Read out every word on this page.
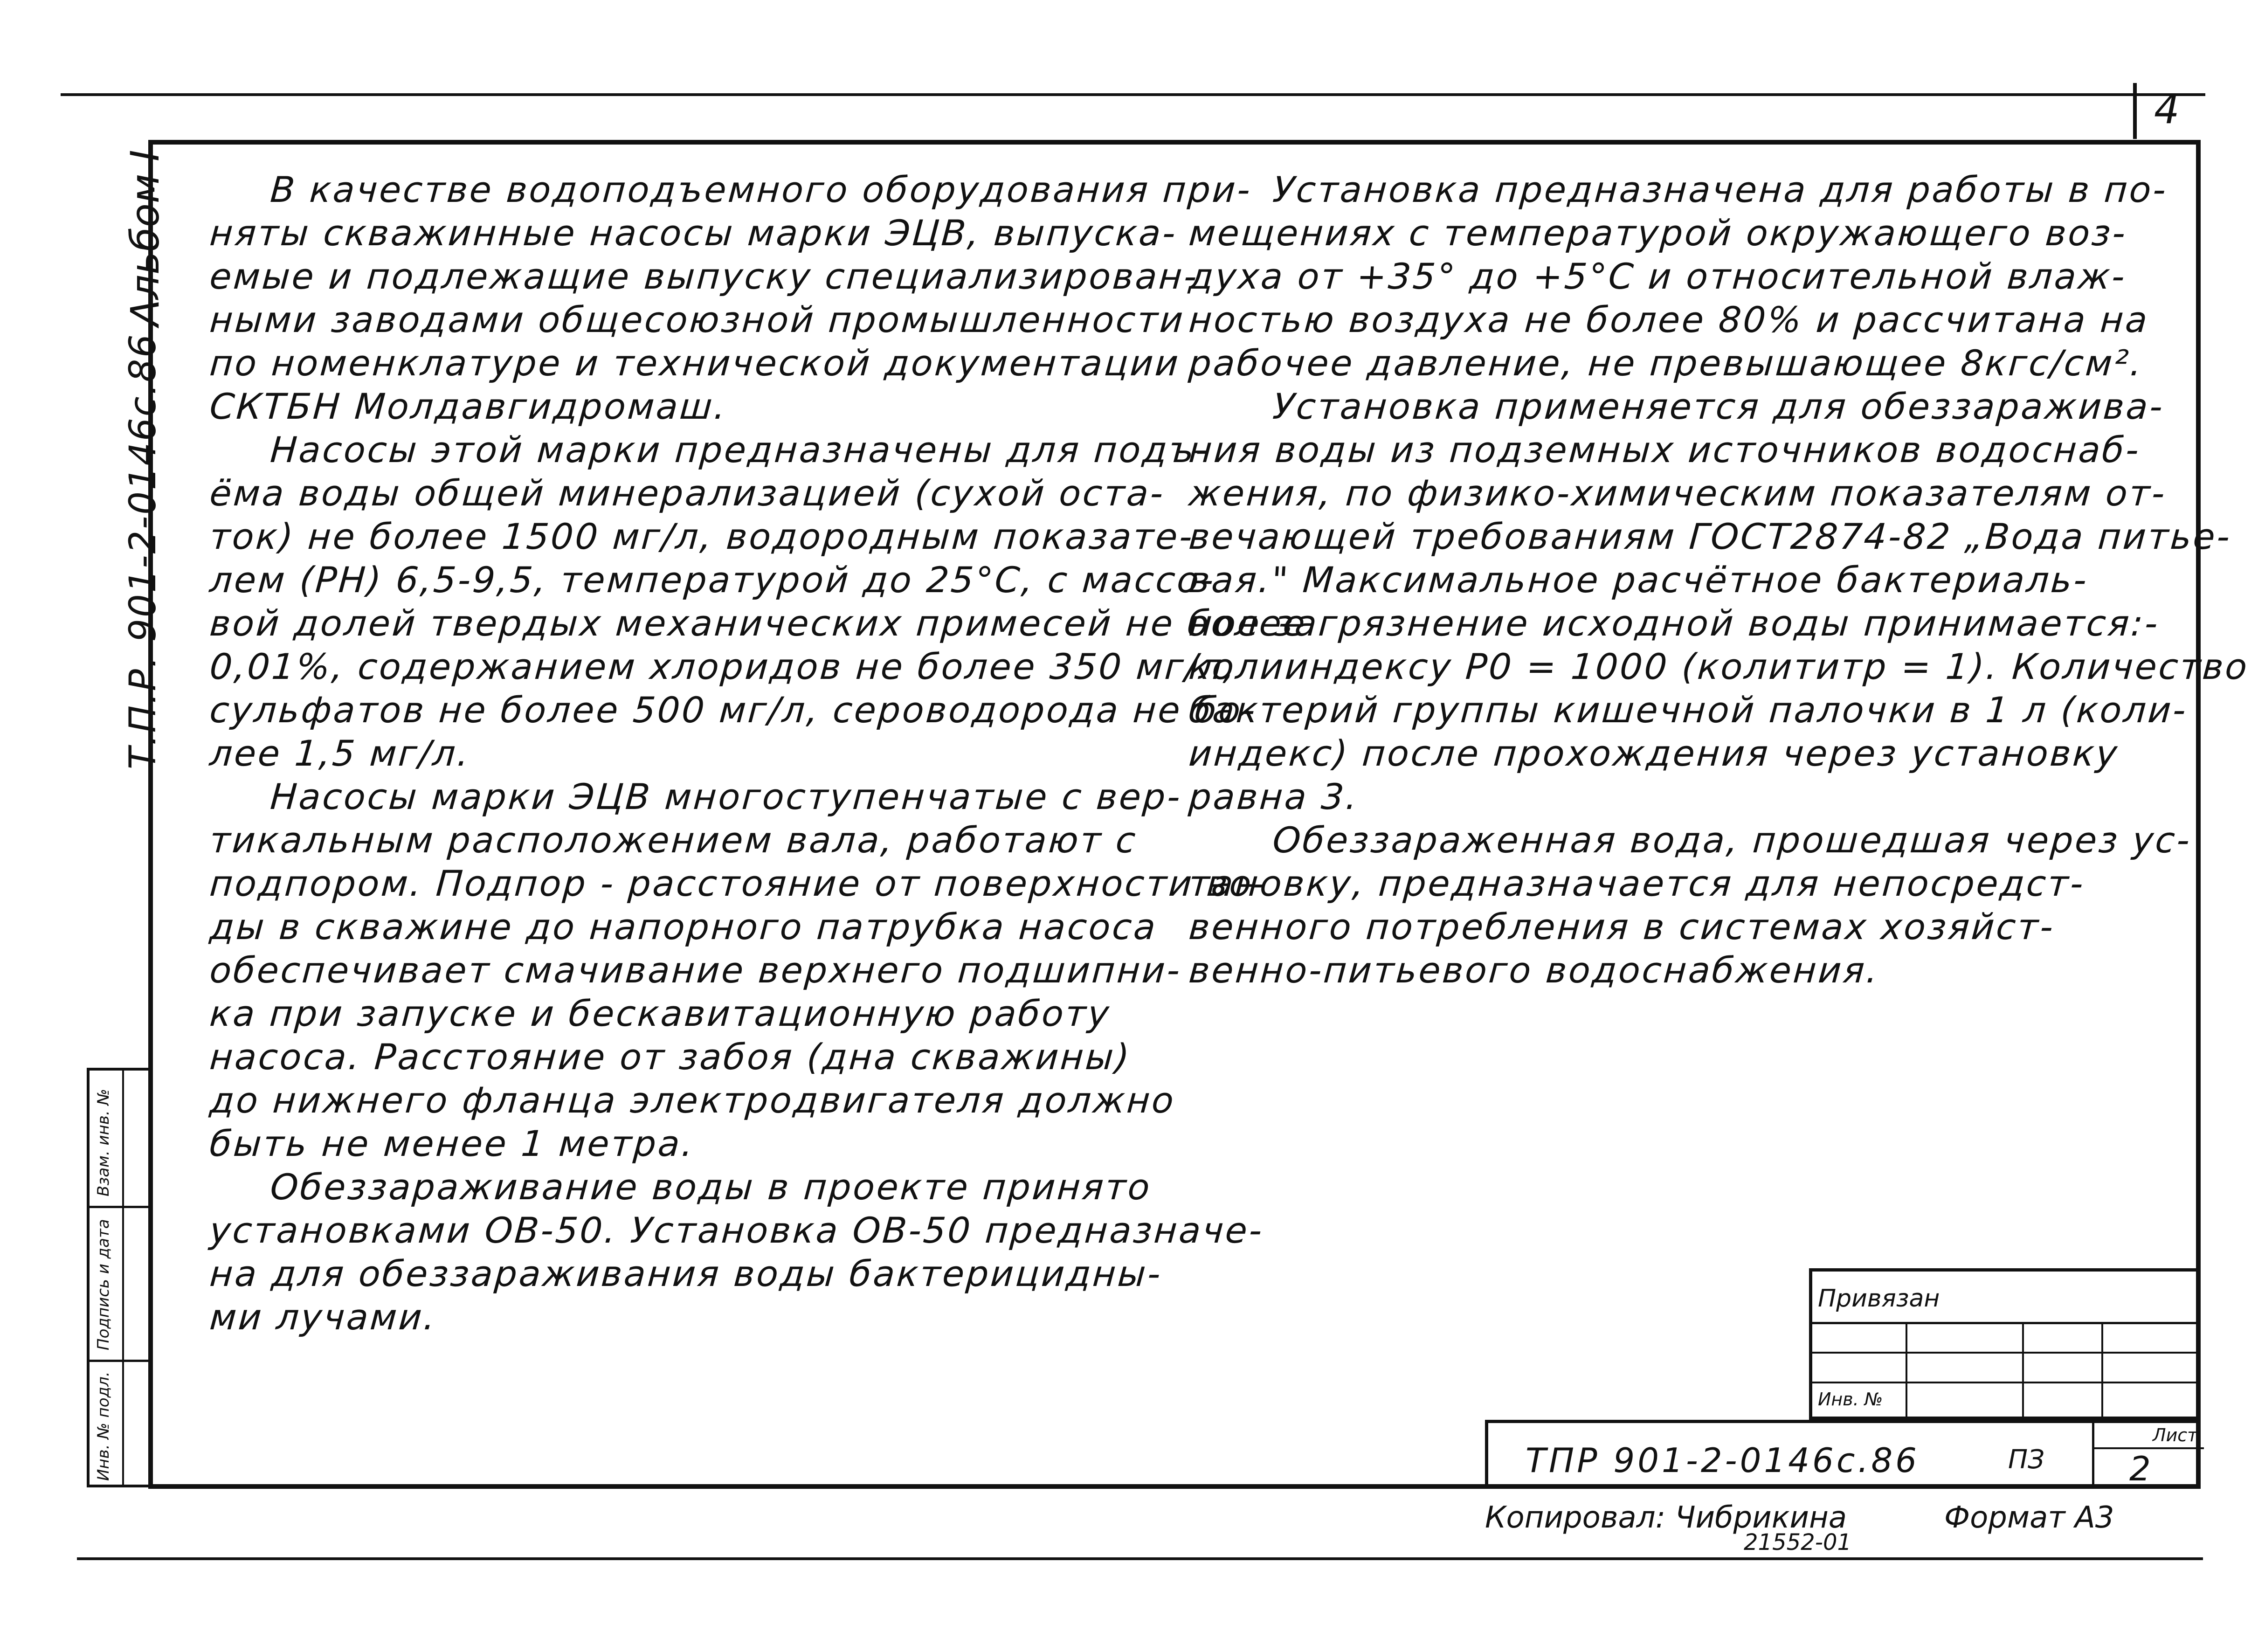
4
Альбом I
Т.П.Р. 901-2-0146с.86
Инв. № подл.
Подпись и дата
Взам. инв. №
В качестве водоподъемного оборудования при-
няты скважинные насосы марки ЭЦВ, выпуска-
емые и подлежащие выпуску специализирован-
ными заводами общесоюзной промышленности
по номенклатуре и технической документации
СКТБН Молдавгидромаш.
Насосы этой марки предназначены для подъ-
ёма воды общей минерализацией (сухой оста-
ток) не более 1500 мг/л, водородным показате-
лем (РН) 6,5-9,5, температурой до 25°С, с массо-
вой долей твердых механических примесей не более
0,01%, содержанием хлоридов не более 350 мг/л,
сульфатов не более 500 мг/л, сероводорода не бо-
лее 1,5 мг/л.
Насосы марки ЭЦВ многоступенчатые с вер-
тикальным расположением вала, работают с
подпором. Подпор - расстояние от поверхности во-
ды в скважине до напорного патрубка насоса
обеспечивает смачивание верхнего подшипни-
ка при запуске и бескавитационную работу
насоса. Расстояние от забоя (дна скважины)
до нижнего фланца электродвигателя должно
быть не менее 1 метра.
Обеззараживание воды в проекте принято
установками ОВ-50. Установка ОВ-50 предназначе-
на для обеззараживания воды бактерицидны-
ми лучами.
Установка предназначена для работы в по-
мещениях с температурой окружающего воз-
духа от +35° до +5°С и относительной влаж-
ностью воздуха не более 80% и рассчитана на
рабочее давление, не превышающее 8кгс/см².
Установка применяется для обеззаражива-
ния воды из подземных источников водоснаб-
жения, по физико-химическим показателям от-
вечающей требованиям ГОСТ2874-82 „Вода питье-
вая." Максимальное расчётное бактериаль-
ное загрязнение исходной воды принимается:-
колииндексу Р0 = 1000 (колититр = 1). Количество
бактерий группы кишечной палочки в 1 л (коли-
индекс) после прохождения через установку
равна 3.
Обеззараженная вода, прошедшая через ус-
тановку, предназначается для непосредст-
венного потребления в системах хозяйст-
венно-питьевого водоснабжения.
Привязан
Инв. №
ТПР 901-2-0146с.86	ПЗ
Лист
2
Копировал: Чибрикина	Формат А3
21552-01
